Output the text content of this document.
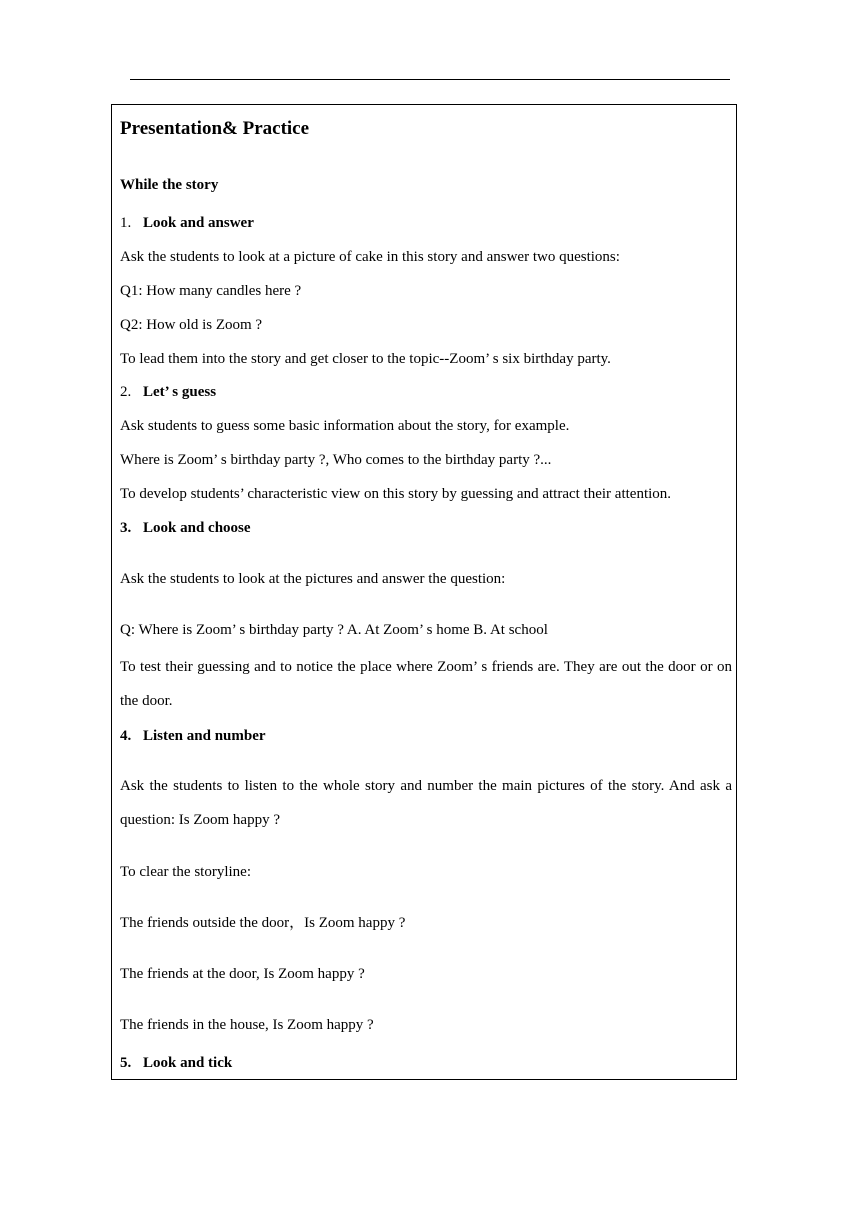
Presentation& Practice
While the story
1. Look and answer
Ask the students to look at a picture of cake in this story and answer two questions:
Q1: How many candles here ?
Q2: How old is Zoom ?
To lead them into the story and get closer to the topic--Zoom’ s six birthday party.
2. Let’ s guess
Ask students to guess some basic information about the story, for example.
Where is Zoom’ s birthday party ?, Who comes to the birthday party ?...
To develop students’ characteristic view on this story by guessing and attract their attention.
3. Look and choose
Ask the students to look at the pictures and answer the question:
Q: Where is Zoom’ s birthday party ? A. At Zoom’ s home B. At school
To test their guessing and to notice the place where Zoom’ s friends are. They are out the door or on the door.
4. Listen and number
Ask the students to listen to the whole story and number the main pictures of the story. And ask a question: Is Zoom happy ?
To clear the storyline:
The friends outside the door，Is Zoom happy ?
The friends at the door, Is Zoom happy ?
The friends in the house, Is Zoom happy ?
5. Look and tick
